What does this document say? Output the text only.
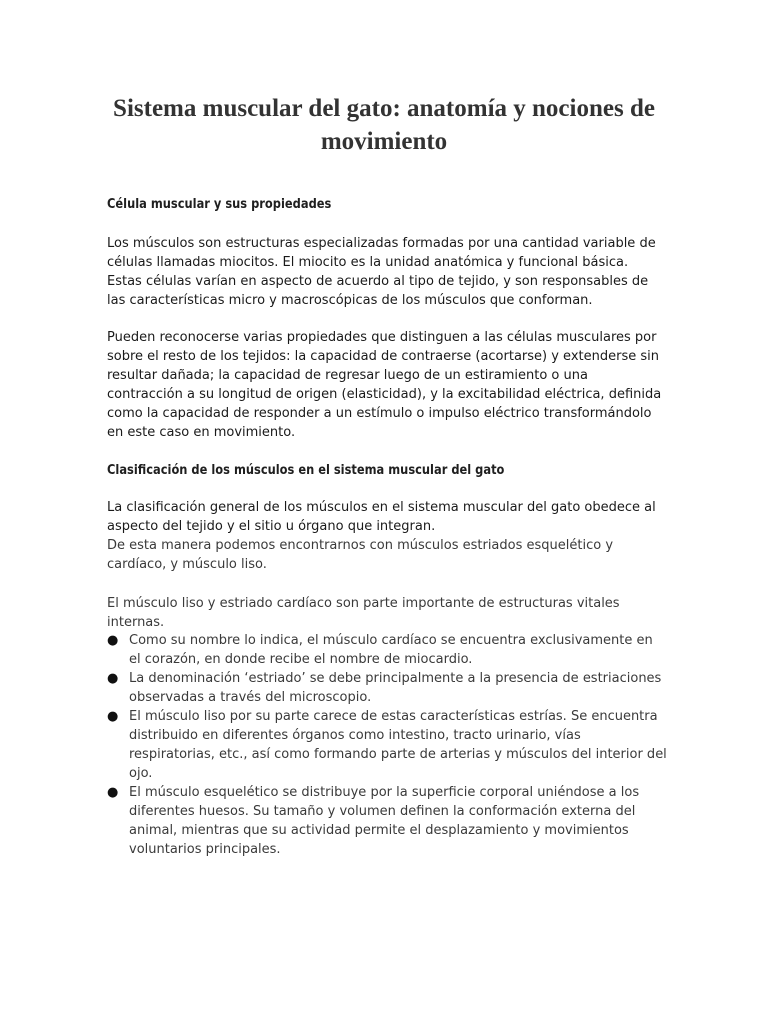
Sistema muscular del gato: anatomía y nociones de movimiento
Célula muscular y sus propiedades

Los músculos son estructuras especializadas formadas por una cantidad variable de células llamadas miocitos. El miocito es la unidad anatómica y funcional básica. Estas células varían en aspecto de acuerdo al tipo de tejido, y son responsables de las características micro y macroscópicas de los músculos que conforman.

Pueden reconocerse varias propiedades que distinguen a las células musculares por sobre el resto de los tejidos: la capacidad de contraerse (acortarse) y extenderse sin resultar dañada; la capacidad de regresar luego de un estiramiento o una contracción a su longitud de origen (elasticidad), y la excitabilidad eléctrica, definida como la capacidad de responder a un estímulo o impulso eléctrico transformándolo en este caso en movimiento.

Clasificación de los músculos en el sistema muscular del gato

La clasificación general de los músculos en el sistema muscular del gato obedece al aspecto del tejido y el sitio u órgano que integran.

De esta manera podemos encontrarnos con músculos estriados esquelético y cardíaco, y músculo liso.

El músculo liso y estriado cardíaco son parte importante de estructuras vitales internas.

● Como su nombre lo indica, el músculo cardíaco se encuentra exclusivamente en el corazón, en donde recibe el nombre de miocardio.
● La denominación ‘estriado’ se debe principalmente a la presencia de estriaciones observadas a través del microscopio.
● El músculo liso por su parte carece de estas características estrías. Se encuentra distribuido en diferentes órganos como intestino, tracto urinario, vías respiratorias, etc., así como formando parte de arterias y músculos del interior del ojo.
● El músculo esquelético se distribuye por la superficie corporal uniéndose a los diferentes huesos. Su tamaño y volumen definen la conformación externa del animal, mientras que su actividad permite el desplazamiento y movimientos voluntarios principales.
